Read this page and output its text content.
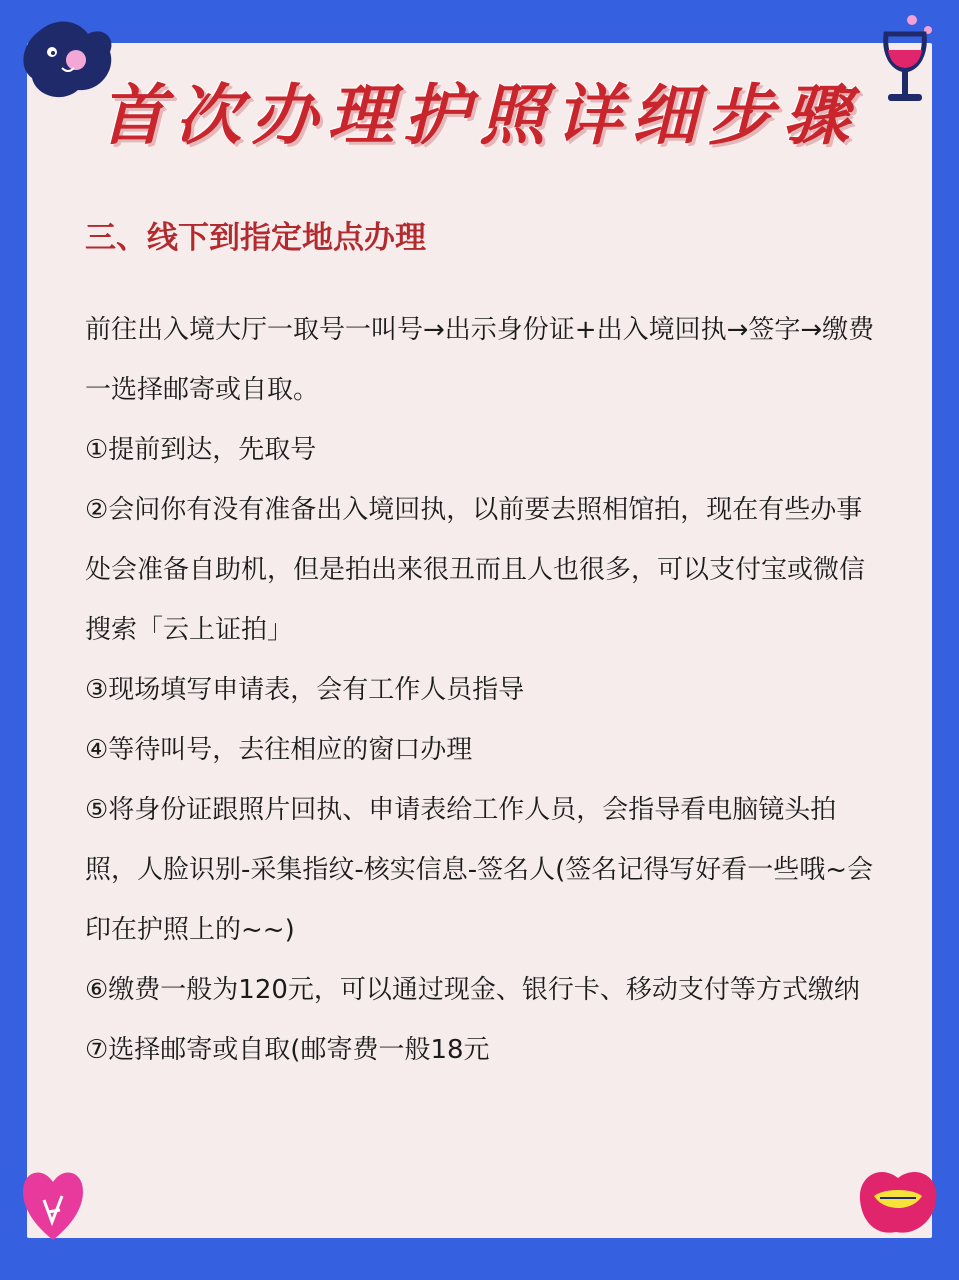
首次办理护照详细步骤
三、线下到指定地点办理

前往出入境大厅一取号一叫号→出示身份证+出入境回执→签字→缴费一选择邮寄或自取。

①提前到达，先取号

②会问你有没有准备出入境回执，以前要去照相馆拍，现在有些办事处会准备自助机，但是拍出来很丑而且人也很多，可以支付宝或微信搜索「云上证拍」

③现场填写申请表，会有工作人员指导

④等待叫号，去往相应的窗口办理

⑤将身份证跟照片回执、申请表给工作人员，会指导看电脑镜头拍照，人脸识别-采集指纹-核实信息-签名人(签名记得写好看一些哦~会印在护照上的~~)

⑥缴费一般为120元，可以通过现金、银行卡、移动支付等方式缴纳

⑦选择邮寄或自取(邮寄费一般18元
